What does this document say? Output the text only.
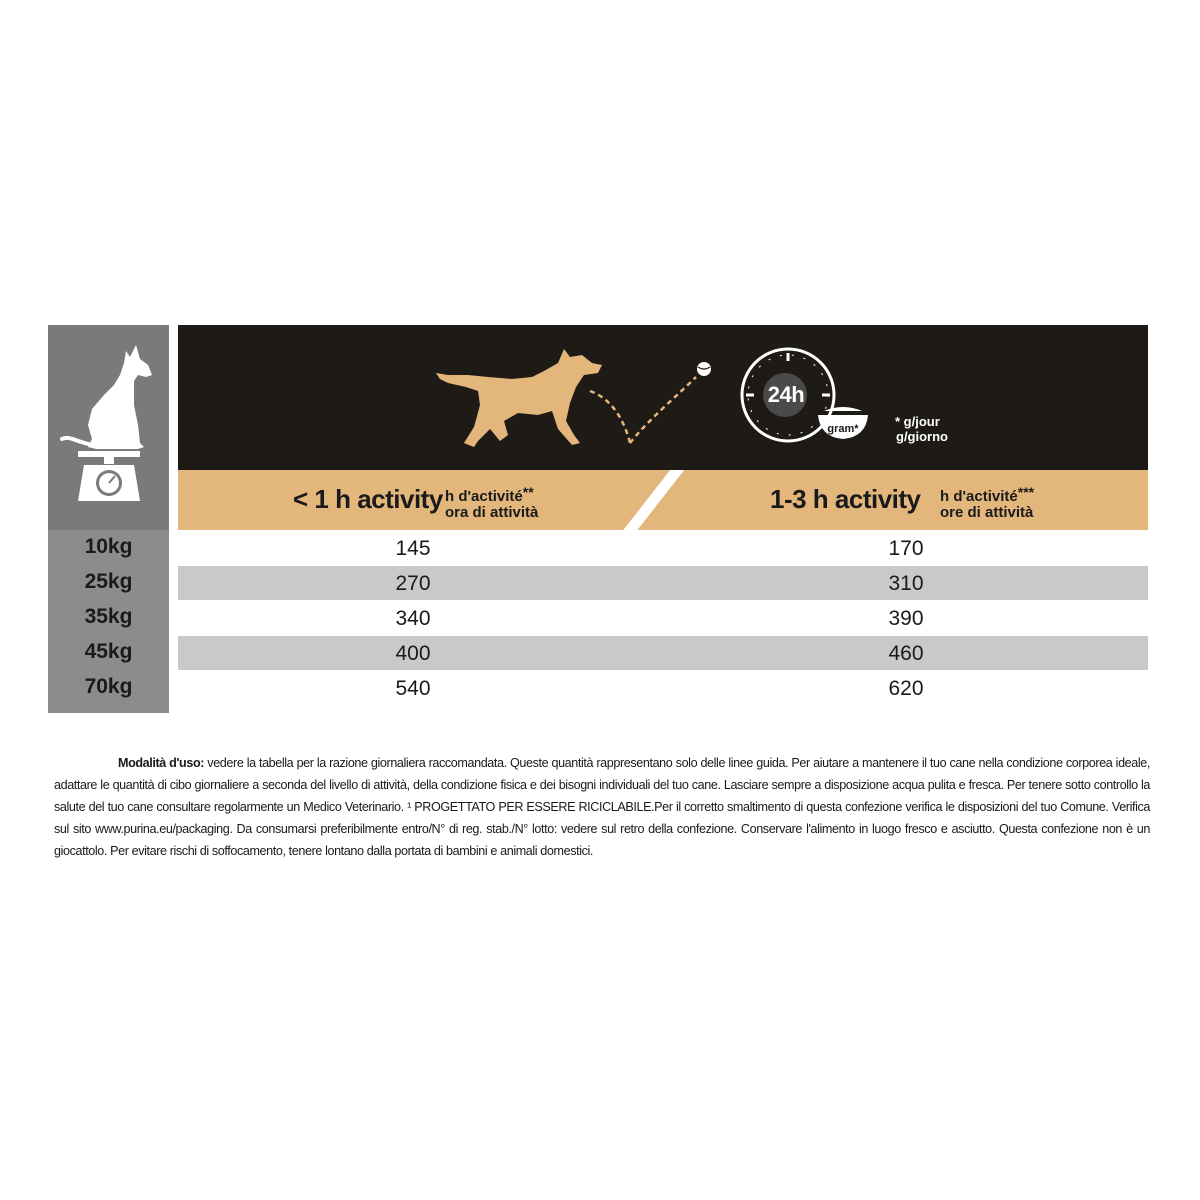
24h
gram*	* g/jour
g/giorno
< 1 h activity h d'activité**
ora di attività	1-3 h activity h d'activité***
ore di attività
10kg
25kg
35kg
45kg
70kg
145
270
340
400
540
170
310
390
460
620
Modalità d'uso: vedere la tabella per la razione giornaliera raccomandata. Queste quantità rappresentano solo delle linee guida. Per aiutare a mantenere il tuo cane nella condizione corporea ideale, adattare le quantità di cibo giornaliere a seconda del livello di attività, della condizione fisica e dei bisogni individuali del tuo cane. Lasciare sempre a disposizione acqua pulita e fresca. Per tenere sotto controllo la salute del tuo cane consultare regolarmente un Medico Veterinario. ¹ PROGETTATO PER ESSERE RICICLABILE.Per il corretto smaltimento di questa confezione verifica le disposizioni del tuo Comune. Verifica sul sito www.purina.eu/packaging. Da consumarsi preferibilmente entro/N° di reg. stab./N° lotto: vedere sul retro della confezione. Conservare l'alimento in luogo fresco e asciutto. Questa confezione non è un giocattolo. Per evitare rischi di soffocamento, tenere lontano dalla portata di bambini e animali domestici.
